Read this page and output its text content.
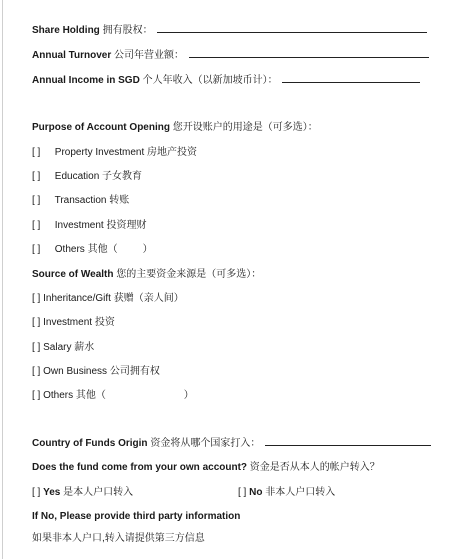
Share Holding 拥有股权：
Annual Turnover 公司年营业额：
Annual Income in SGD 个人年收入（以新加坡币计）：
Purpose of Account Opening 您开设账户的用途是（可多选）：
[ ] Property Investment 房地产投资
[ ] Education 子女教育
[ ] Transaction 转账
[ ] Investment 投资理财
[ ] Others 其他（         ）
Source of Wealth 您的主要资金来源是（可多选）：
[ ] Inheritance/Gift 获赠（亲人间）
[ ] Investment 投资
[ ] Salary 薪水
[ ] Own Business 公司拥有权
[ ] Others 其他（                            ）
Country of Funds Origin 资金将从哪个国家打入：
Does the fund come from your own account? 资金是否从本人的帐户转入？
[ ] Yes 是本人户口转入	[ ] No 非本人户口转入
If No, Please provide third party information
如果非本人户口,转入请提供第三方信息
